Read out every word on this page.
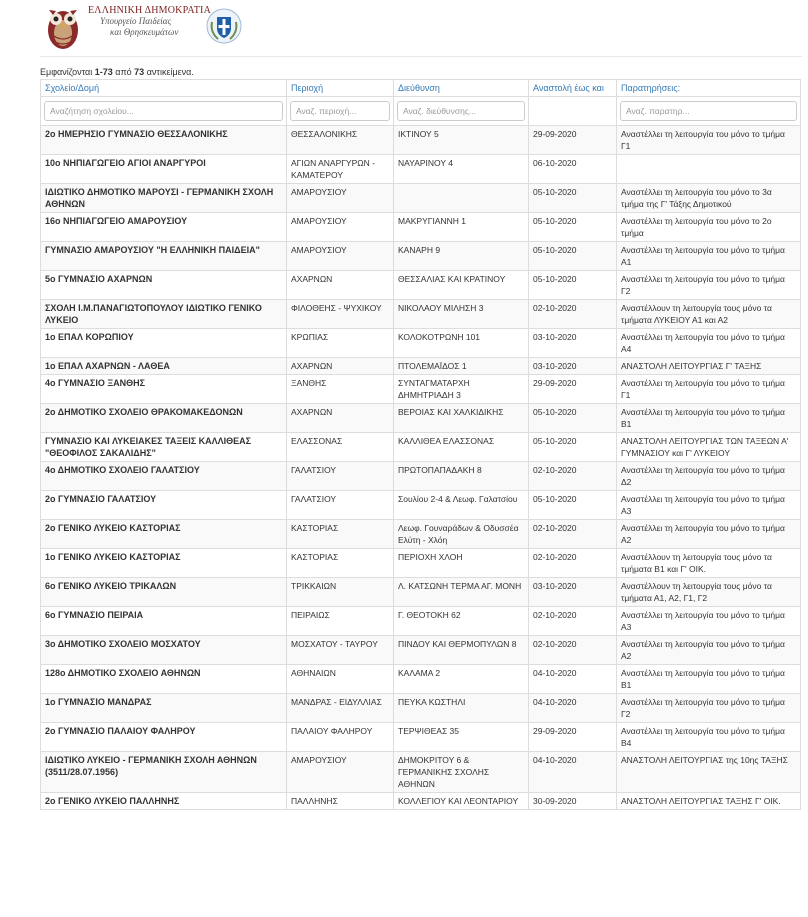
ΕΛΛΗΝΙΚΗ ΔΗΜΟΚΡΑΤΙΑ
Υπουργείο Παιδείας
και Θρησκευμάτων
Εμφανίζονται 1-73 από 73 αντικείμενα.
Σχολείο/Δομή	Περιοχή	Διεύθυνση	Αναστολή έως και	Παρατηρήσεις:
Αναζήτηση σχολείου...	Αναζ. περιοχή...	Αναζ. διεύθυνσης...		Αναζ. παρατηρ...
2ο ΗΜΕΡΗΣΙΟ ΓΥΜΝΑΣΙΟ ΘΕΣΣΑΛΟΝΙΚΗΣ	ΘΕΣΣΑΛΟΝΙΚΗΣ	ΙΚΤΙΝΟΥ 5	29-09-2020	Αναστέλλει τη λειτουργία του μόνο το τμήμα Γ1
10ο ΝΗΠΙΑΓΩΓΕΙΟ ΑΓΙΟΙ ΑΝΑΡΓΥΡΟΙ	ΑΓΙΩΝ ΑΝΑΡΓΥΡΩΝ - ΚΑΜΑΤΕΡΟΥ	ΝΑΥΑΡΙΝΟΥ 4	06-10-2020	
ΙΔΙΩΤΙΚΟ ΔΗΜΟΤΙΚΟ ΜΑΡΟΥΣΙ - ΓΕΡΜΑΝΙΚΗ ΣΧΟΛΗ ΑΘΗΝΩΝ	ΑΜΑΡΟΥΣΙΟΥ		05-10-2020	Αναστέλλει τη λειτουργία του μόνο το 3α τμήμα της Γ' Τάξης Δημοτικού
16ο ΝΗΠΙΑΓΩΓΕΙΟ ΑΜΑΡΟΥΣΙΟΥ	ΑΜΑΡΟΥΣΙΟΥ	ΜΑΚΡΥΓΙΑΝΝΗ 1	05-10-2020	Αναστέλλει τη λειτουργία του μόνο το 2ο τμήμα
ΓΥΜΝΑΣΙΟ ΑΜΑΡΟΥΣΙΟΥ "Η ΕΛΛΗΝΙΚΗ ΠΑΙΔΕΙΑ"	ΑΜΑΡΟΥΣΙΟΥ	ΚΑΝΑΡΗ 9	05-10-2020	Αναστέλλει τη λειτουργία του μόνο το τμήμα Α1
5ο ΓΥΜΝΑΣΙΟ ΑΧΑΡΝΩΝ	ΑΧΑΡΝΩΝ	ΘΕΣΣΑΛΙΑΣ ΚΑΙ ΚΡΑΤΙΝΟΥ	05-10-2020	Αναστέλλει τη λειτουργία του μόνο το τμήμα Γ2
ΣΧΟΛΗ Ι.Μ.ΠΑΝΑΓΙΩΤΟΠΟΥΛΟΥ ΙΔΙΩΤΙΚΟ ΓΕΝΙΚΟ ΛΥΚΕΙΟ	ΦΙΛΟΘΕΗΣ - ΨΥΧΙΚΟΥ	ΝΙΚΟΛΑΟΥ ΜΙΛΗΣΗ 3	02-10-2020	Αναστέλλουν τη λειτουργία τους μόνο τα τμήματα ΛΥΚΕΙΟΥ Α1 και Α2
1ο ΕΠΑΛ ΚΟΡΩΠΙΟΥ	ΚΡΩΠΙΑΣ	ΚΟΛΟΚΟΤΡΩΝΗ 101	03-10-2020	Αναστέλλει τη λειτουργία του μόνο το τμήμα Α4
1ο ΕΠΑΛ ΑΧΑΡΝΩΝ - ΛΑΘΕΑ	ΑΧΑΡΝΩΝ	ΠΤΟΛΕΜΑΪΔΟΣ 1	03-10-2020	ΑΝΑΣΤΟΛΗ ΛΕΙΤΟΥΡΓΙΑΣ Γ' ΤΑΞΗΣ
4ο ΓΥΜΝΑΣΙΟ ΞΑΝΘΗΣ	ΞΑΝΘΗΣ	ΣΥΝΤΑΓΜΑΤΑΡΧΗ ΔΗΜΗΤΡΙΑΔΗ 3	29-09-2020	Αναστέλλει τη λειτουργία του μόνο το τμήμα Γ1
2ο ΔΗΜΟΤΙΚΟ ΣΧΟΛΕΙΟ ΘΡΑΚΟΜΑΚΕΔΟΝΩΝ	ΑΧΑΡΝΩΝ	ΒΕΡΟΙΑΣ ΚΑΙ ΧΑΛΚΙΔΙΚΗΣ	05-10-2020	Αναστέλλει τη λειτουργία του μόνο το τμήμα Β1
ΓΥΜΝΑΣΙΟ ΚΑΙ ΛΥΚΕΙΑΚΕΣ ΤΑΞΕΙΣ ΚΑΛΛΙΘΕΑΣ "ΘΕΟΦΙΛΟΣ ΣΑΚΑΛΙΔΗΣ"	ΕΛΑΣΣΟΝΑΣ	ΚΑΛΛΙΘΕΑ ΕΛΑΣΣΟΝΑΣ	05-10-2020	ΑΝΑΣΤΟΛΗ ΛΕΙΤΟΥΡΓΙΑΣ ΤΩΝ ΤΑΞΕΩΝ Α' ΓΥΜΝΑΣΙΟΥ και Γ' ΛΥΚΕΙΟΥ
4ο ΔΗΜΟΤΙΚΟ ΣΧΟΛΕΙΟ ΓΑΛΑΤΣΙΟΥ	ΓΑΛΑΤΣΙΟΥ	ΠΡΩΤΟΠΑΠΑΔΑΚΗ 8	02-10-2020	Αναστέλλει τη λειτουργία του μόνο το τμήμα Δ2
2ο ΓΥΜΝΑΣΙΟ ΓΑΛΑΤΣΙΟΥ	ΓΑΛΑΤΣΙΟΥ	Σουλίου 2-4 & Λεωφ. Γαλατσίου	05-10-2020	Αναστέλλει τη λειτουργία του μόνο το τμήμα Α3
2ο ΓΕΝΙΚΟ ΛΥΚΕΙΟ ΚΑΣΤΟΡΙΑΣ	ΚΑΣΤΟΡΙΑΣ	Λεωφ. Γουναράδων & Οδυσσέα Ελύτη - Χλόη	02-10-2020	Αναστέλλει τη λειτουργία του μόνο το τμήμα Α2
1ο ΓΕΝΙΚΟ ΛΥΚΕΙΟ ΚΑΣΤΟΡΙΑΣ	ΚΑΣΤΟΡΙΑΣ	ΠΕΡΙΟΧΗ ΧΛΟΗ	02-10-2020	Αναστέλλουν τη λειτουργία τους μόνο τα τμήματα Β1 και Γ' ΟΙΚ.
6ο ΓΕΝΙΚΟ ΛΥΚΕΙΟ ΤΡΙΚΑΛΩΝ	ΤΡΙΚΚΑΙΩΝ	Λ. ΚΑΤΣΩΝΗ ΤΕΡΜΑ ΑΓ. ΜΟΝΗ	03-10-2020	Αναστέλλουν τη λειτουργία τους μόνο τα τμήματα Α1, Α2, Γ1, Γ2
6ο ΓΥΜΝΑΣΙΟ ΠΕΙΡΑΙΑ	ΠΕΙΡΑΙΩΣ	Γ. ΘΕΟΤΟΚΗ 62	02-10-2020	Αναστέλλει τη λειτουργία του μόνο το τμήμα Α3
3ο ΔΗΜΟΤΙΚΟ ΣΧΟΛΕΙΟ ΜΟΣΧΑΤΟΥ	ΜΟΣΧΑΤΟΥ - ΤΑΥΡΟΥ	ΠΙΝΔΟΥ ΚΑΙ ΘΕΡΜΟΠΥΛΩΝ 8	02-10-2020	Αναστέλλει τη λειτουργία του μόνο το τμήμα Α2
128ο ΔΗΜΟΤΙΚΟ ΣΧΟΛΕΙΟ ΑΘΗΝΩΝ	ΑΘΗΝΑΙΩΝ	ΚΑΛΑΜΑ 2	04-10-2020	Αναστέλλει τη λειτουργία του μόνο το τμήμα Β1
1ο ΓΥΜΝΑΣΙΟ ΜΑΝΔΡΑΣ	ΜΑΝΔΡΑΣ - ΕΙΔΥΛΛΙΑΣ	ΠΕΥΚΑ ΚΩΣΤΗΛΙ	04-10-2020	Αναστέλλει τη λειτουργία του μόνο το τμήμα Γ2
2ο ΓΥΜΝΑΣΙΟ ΠΑΛΑΙΟΥ ΦΑΛΗΡΟΥ	ΠΑΛΑΙΟΥ ΦΑΛΗΡΟΥ	ΤΕΡΨΙΘΕΑΣ 35	29-09-2020	Αναστέλλει τη λειτουργία του μόνο το τμήμα Β4
ΙΔΙΩΤΙΚΟ ΛΥΚΕΙΟ - ΓΕΡΜΑΝΙΚΗ ΣΧΟΛΗ ΑΘΗΝΩΝ (3511/28.07.1956)	ΑΜΑΡΟΥΣΙΟΥ	ΔΗΜΟΚΡΙΤΟΥ 6 & ΓΕΡΜΑΝΙΚΗΣ ΣΧΟΛΗΣ ΑΘΗΝΩΝ	04-10-2020	ΑΝΑΣΤΟΛΗ ΛΕΙΤΟΥΡΓΙΑΣ της 10ης ΤΑΞΗΣ
2ο ΓΕΝΙΚΟ ΛΥΚΕΙΟ ΠΑΛΛΗΝΗΣ	ΠΑΛΛΗΝΗΣ	ΚΟΛΛΕΓΙΟΥ ΚΑΙ ΛΕΟΝΤΑΡΙΟΥ	30-09-2020	ΑΝΑΣΤΟΛΗ ΛΕΙΤΟΥΡΓΙΑΣ ΤΑΞΗΣ Γ' ΟΙΚ.
